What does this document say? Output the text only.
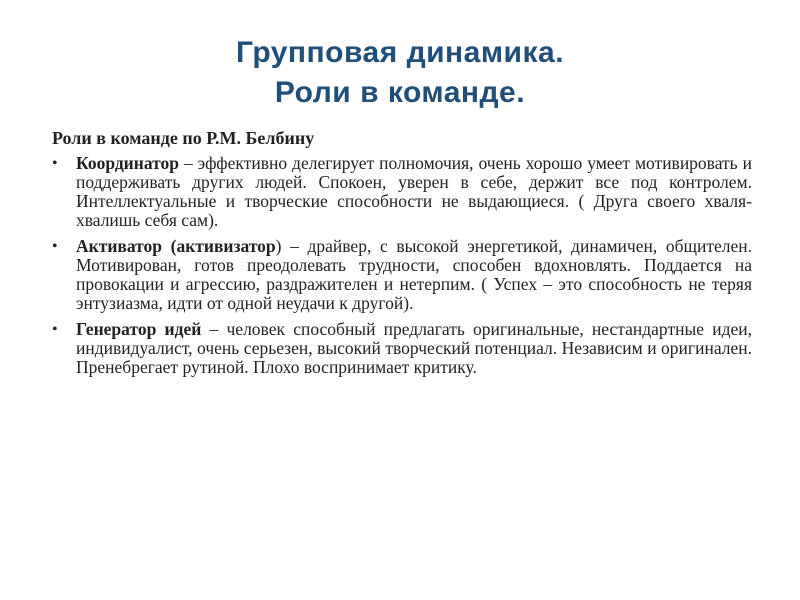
Групповая динамика.
Роли в команде.
Роли в команде по Р.М. Белбину
• Координатор – эффективно делегирует полномочия, очень хорошо умеет мотивировать и поддерживать других людей. Спокоен, уверен в себе, держит все под контролем. Интеллектуальные и творческие способности не выдающиеся. ( Друга своего хваля-хвалишь себя сам).
• Активатор (активизатор) – драйвер, с высокой энергетикой, динамичен, общителен. Мотивирован, готов преодолевать трудности, способен вдохновлять. Поддается на провокации и агрессию, раздражителен и нетерпим. ( Успех – это способность не теряя энтузиазма, идти от одной неудачи к другой).
• Генератор идей – человек способный предлагать оригинальные, нестандартные идеи, индивидуалист, очень серьезен, высокий творческий потенциал. Независим и оригинален. Пренебрегает рутиной. Плохо воспринимает критику.
